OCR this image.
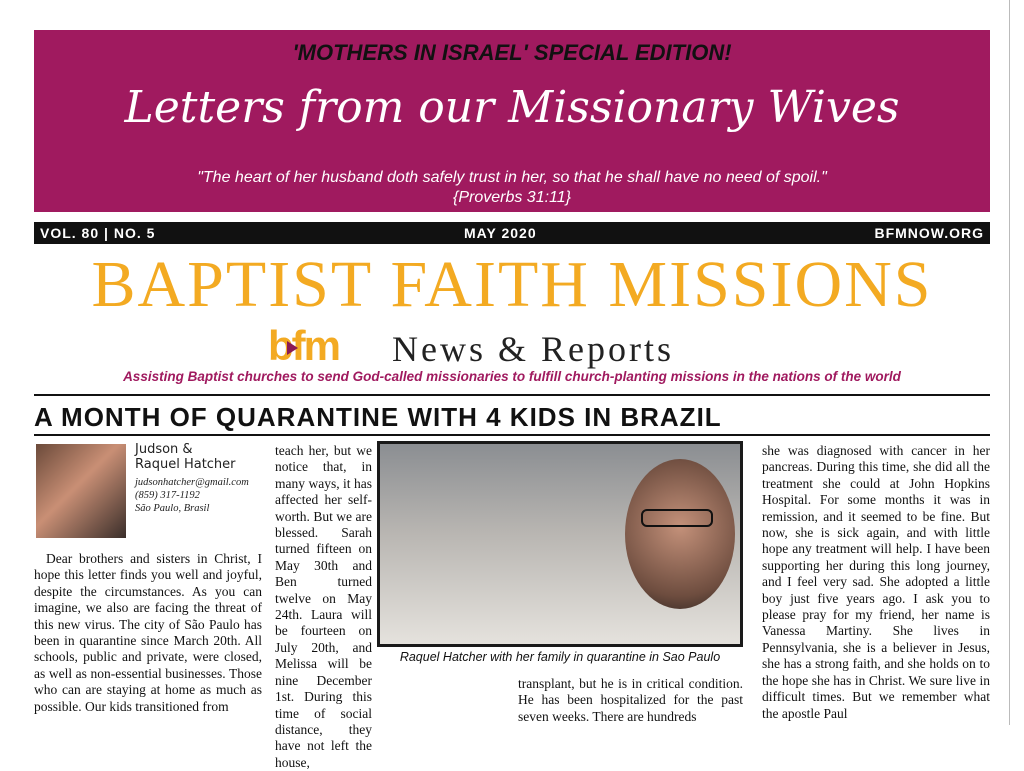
'MOTHERS IN ISRAEL' SPECIAL EDITION!
Letters from our Missionary Wives
"The heart of her husband doth safely trust in her, so that he shall have no need of spoil."
{Proverbs 31:11}
VOL. 80 | NO. 5	MAY 2020	BFMNOW.ORG
BAPTIST FAITH MISSIONS
bfm News & Reports
Assisting Baptist churches to send God-called missionaries to fulfill church-planting missions in the nations of the world
A MONTH OF QUARANTINE WITH 4 KIDS IN BRAZIL
Judson &
Raquel Hatcher
judsonhatcher@gmail.com
(859) 317-1192
São Paulo, Brasil

Dear brothers and sisters in Christ, I hope this letter finds you well and joyful, despite the circumstances. As you can imagine, we also are facing the threat of this new virus. The city of São Paulo has been in quarantine since March 20th. All schools, public and private, were closed, as well as non-essential businesses. Those who can are staying at home as much as possible. Our kids transitioned from

teach her, but we notice that, in many ways, it has affected her self-worth. But we are blessed. Sarah turned fifteen on May 30th and Ben turned twelve on May 24th. Laura will be fourteen on July 20th, and Melissa will be nine December 1st. During this time of social distance, they have not left the house,

Raquel Hatcher with her family in quarantine in Sao Paulo

transplant, but he is in critical condition. He has been hospitalized for the past seven weeks. There are hundreds

she was diagnosed with cancer in her pancreas. During this time, she did all the treatment she could at John Hopkins Hospital. For some months it was in remission, and it seemed to be fine. But now, she is sick again, and with little hope any treatment will help. I have been supporting her during this long journey, and I feel very sad. She adopted a little boy just five years ago. I ask you to please pray for my friend, her name is Vanessa Martiny. She lives in Pennsylvania, she is a believer in Jesus, she has a strong faith, and she holds on to the hope she has in Christ. We sure live in difficult times. But we remember what the apostle Paul
